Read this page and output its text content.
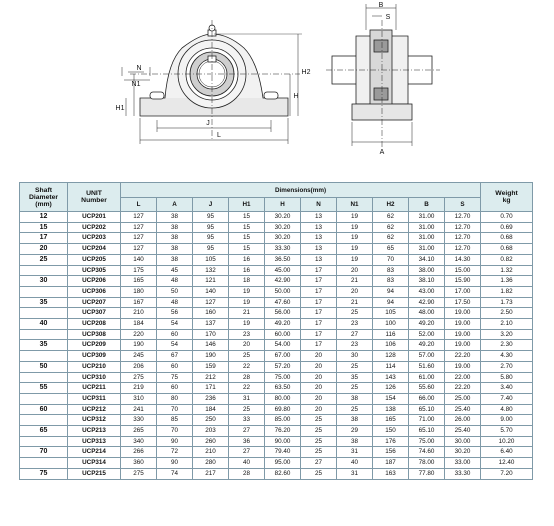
N
N1
H1
H
H2
J
L
B
S
A
Shaft
Diameter
(mm)	UNIT
Number	Dimensions(mm)										Weight
kg
		L	A	J	H1	H	N	N1	H2	B	S	
12	UCP201	127	38	95	15	30.20	13	19	62	31.00	12.70	0.70
15	UCP202	127	38	95	15	30.20	13	19	62	31.00	12.70	0.69
17	UCP203	127	38	95	15	30.20	13	19	62	31.00	12.70	0.68
20	UCP204	127	38	95	15	33.30	13	19	65	31.00	12.70	0.68
25	UCP205	140	38	105	16	36.50	13	19	70	34.10	14.30	0.82
	UCP305	175	45	132	16	45.00	17	20	83	38.00	15.00	1.32
30	UCP206	165	48	121	18	42.90	17	21	83	38.10	15.90	1.36
	UCP306	180	50	140	19	50.00	17	20	94	43.00	17.00	1.82
35	UCP207	167	48	127	19	47.60	17	21	94	42.90	17.50	1.73
	UCP307	210	56	160	21	56.00	17	25	105	48.00	19.00	2.50
40	UCP208	184	54	137	19	49.20	17	23	100	49.20	19.00	2.10
	UCP308	220	60	170	23	60.00	17	27	116	52.00	19.00	3.20
35	UCP209	190	54	146	20	54.00	17	23	106	49.20	19.00	2.30
	UCP309	245	67	190	25	67.00	20	30	128	57.00	22.20	4.30
50	UCP210	206	60	159	22	57.20	20	25	114	51.60	19.00	2.70
	UCP310	275	75	212	28	75.00	20	35	143	61.00	22.00	5.80
55	UCP211	219	60	171	22	63.50	20	25	126	55.60	22.20	3.40
	UCP311	310	80	236	31	80.00	20	38	154	66.00	25.00	7.40
60	UCP212	241	70	184	25	69.80	20	25	138	65.10	25.40	4.80
	UCP312	330	85	250	33	85.00	25	38	165	71.00	26.00	9.00
65	UCP213	265	70	203	27	76.20	25	29	150	65.10	25.40	5.70
	UCP313	340	90	260	36	90.00	25	38	176	75.00	30.00	10.20
70	UCP214	266	72	210	27	79.40	25	31	156	74.60	30.20	6.40
	UCP314	360	90	280	40	95.00	27	40	187	78.00	33.00	12.40
75	UCP215	275	74	217	28	82.60	25	31	163	77.80	33.30	7.20
